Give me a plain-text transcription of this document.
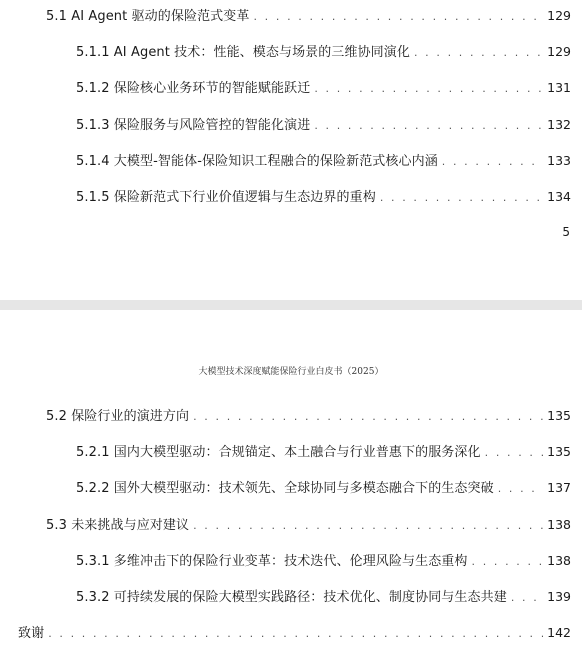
5.1 AI Agent 驱动的保险范式变革 . . .	129
5.1.1 AI Agent 技术：性能、模态与场景的三维协同演化 . . .	129
5.1.2 保险核心业务环节的智能赋能跃迁 . . .	131
5.1.3 保险服务与风险管控的智能化演进 . . .	132
5.1.4 大模型-智能体-保险知识工程融合的保险新范式核心内涵 . . .	133
5.1.5 保险新范式下行业价值逻辑与生态边界的重构 . . .	134
5
大模型技术深度赋能保险行业白皮书（2025）
5.2 保险行业的演进方向 . . .	135
5.2.1 国内大模型驱动：合规锚定、本土融合与行业普惠下的服务深化 . . .	135
5.2.2 国外大模型驱动：技术领先、全球协同与多模态融合下的生态突破 . . .	137
5.3 未来挑战与应对建议 . . .	138
5.3.1 多维冲击下的保险行业变革：技术迭代、伦理风险与生态重构 . . .	138
5.3.2 可持续发展的保险大模型实践路径：技术优化、制度协同与生态共建 . . .	139
致谢 . . .	142
